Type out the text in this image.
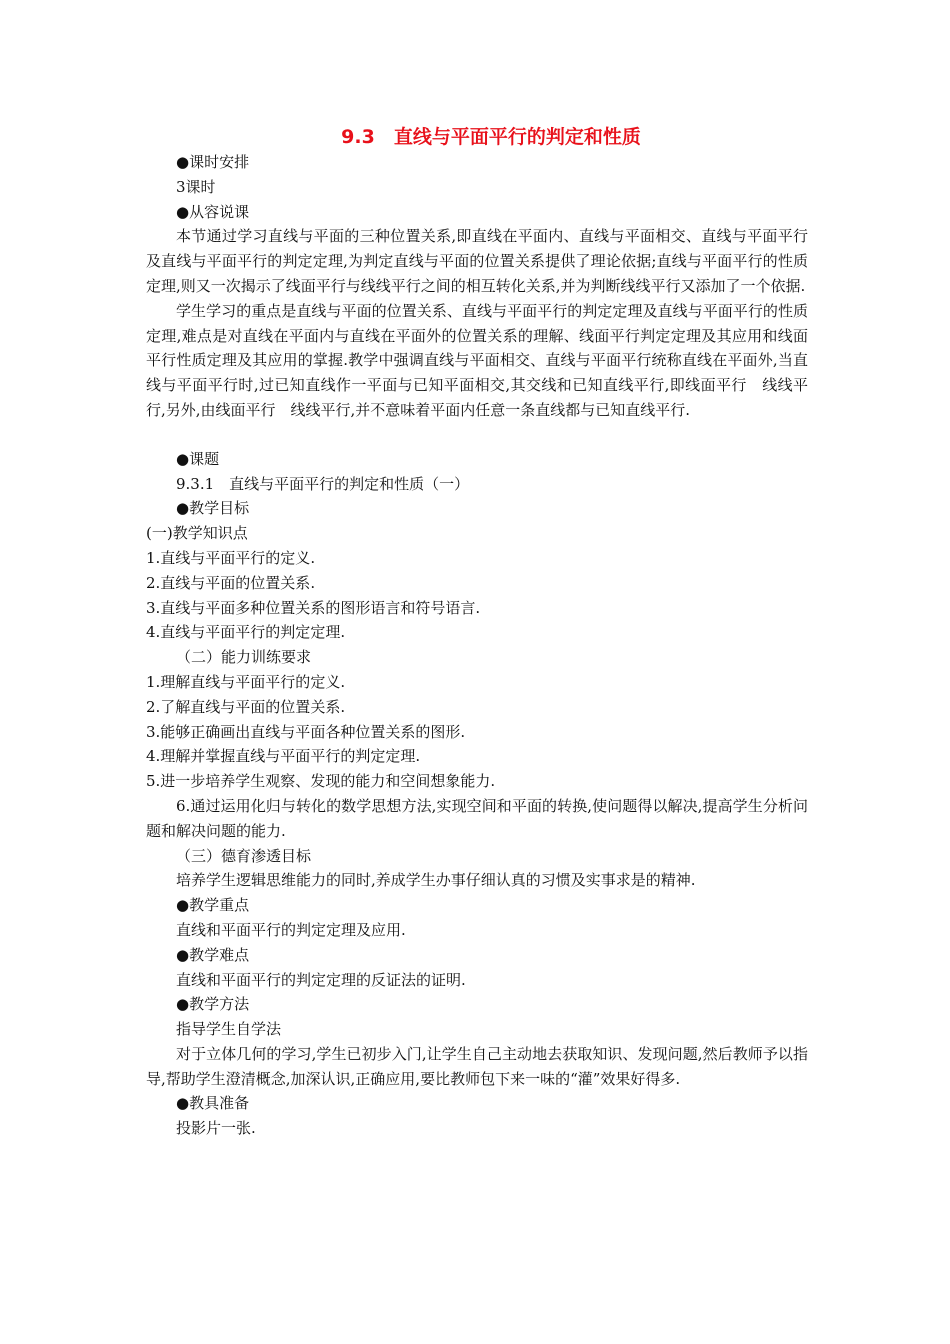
9.3　直线与平面平行的判定和性质
●课时安排
3课时
●从容说课
本节通过学习直线与平面的三种位置关系,即直线在平面内、直线与平面相交、直线与平面平行及直线与平面平行的判定定理,为判定直线与平面的位置关系提供了理论依据;直线与平面平行的性质定理,则又一次揭示了线面平行与线线平行之间的相互转化关系,并为判断线线平行又添加了一个依据.
学生学习的重点是直线与平面的位置关系、直线与平面平行的判定定理及直线与平面平行的性质定理,难点是对直线在平面内与直线在平面外的位置关系的理解、线面平行判定定理及其应用和线面平行性质定理及其应用的掌握.教学中强调直线与平面相交、直线与平面平行统称直线在平面外,当直线与平面平行时,过已知直线作一平面与已知平面相交,其交线和已知直线平行,即线面平行　线线平行,另外,由线面平行　线线平行,并不意味着平面内任意一条直线都与已知直线平行.
●课题
9.3.1　直线与平面平行的判定和性质（一）
●教学目标
(一)教学知识点
1.直线与平面平行的定义.
2.直线与平面的位置关系.
3.直线与平面多种位置关系的图形语言和符号语言.
4.直线与平面平行的判定定理.
（二）能力训练要求
1.理解直线与平面平行的定义.
2.了解直线与平面的位置关系.
3.能够正确画出直线与平面各种位置关系的图形.
4.理解并掌握直线与平面平行的判定定理.
5.进一步培养学生观察、发现的能力和空间想象能力.
6.通过运用化归与转化的数学思想方法,实现空间和平面的转换,使问题得以解决,提高学生分析问题和解决问题的能力.
（三）德育渗透目标
培养学生逻辑思维能力的同时,养成学生办事仔细认真的习惯及实事求是的精神.
●教学重点
直线和平面平行的判定定理及应用.
●教学难点
直线和平面平行的判定定理的反证法的证明.
●教学方法
指导学生自学法
对于立体几何的学习,学生已初步入门,让学生自己主动地去获取知识、发现问题,然后教师予以指导,帮助学生澄清概念,加深认识,正确应用,要比教师包下来一味的“灌”效果好得多.
●教具准备
投影片一张.
